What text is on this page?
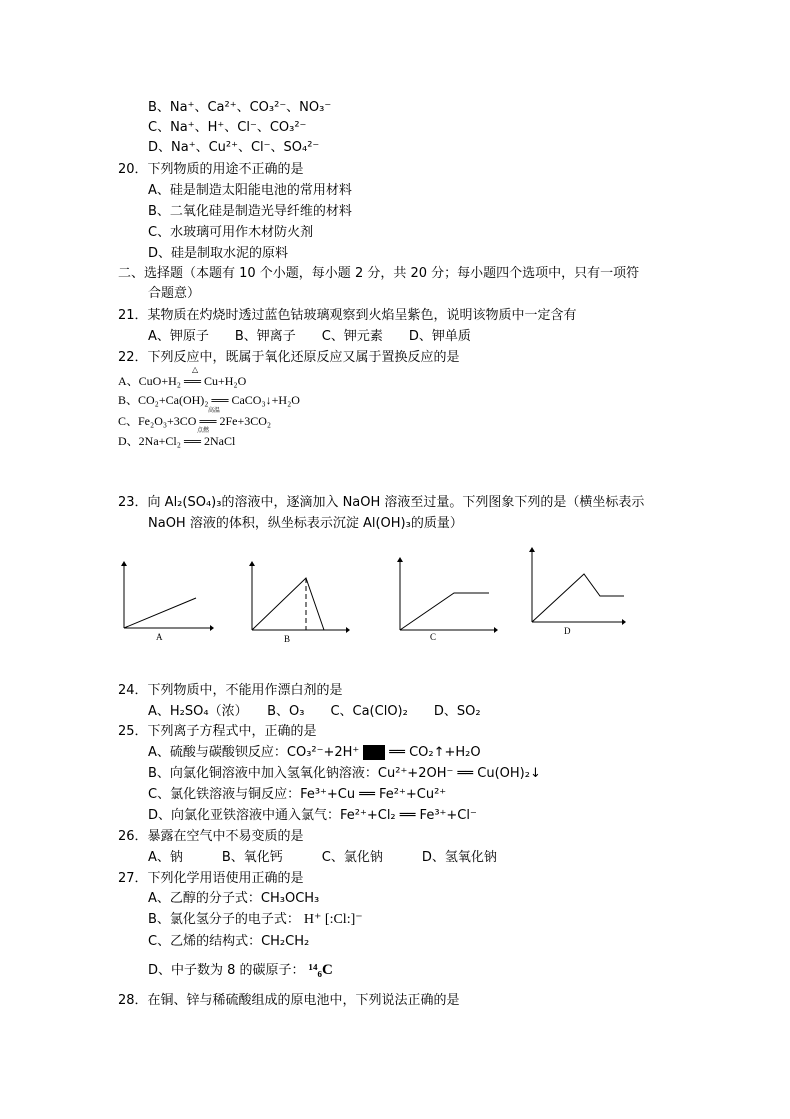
B、Na⁺、Ca²⁺、CO₃²⁻、NO₃⁻
C、Na⁺、H⁺、Cl⁻、CO₃²⁻
D、Na⁺、Cu²⁺、Cl⁻、SO₄²⁻
20．下列物质的用途不正确的是
A、硅是制造太阳能电池的常用材料
B、二氧化硅是制造光导纤维的材料
C、水玻璃可用作木材防火剂
D、硅是制取水泥的原料
二、选择题（本题有 10 个小题，每小题 2 分，共 20 分；每小题四个选项中，只有一项符
合题意）
21．某物质在灼烧时透过蓝色钴玻璃观察到火焰呈紫色，说明该物质中一定含有
A、钾原子　　B、钾离子　　C、钾元素　　D、钾单质
22．下列反应中，既属于氧化还原反应又属于置换反应的是
A、CuO+H₂ ══ Cu+H₂O
△
B、CO₂+Ca(OH)₂ ══ CaCO₃↓+H₂O
C、Fe₂O₃+3CO ══ 2Fe+3CO₂
高温
D、2Na+Cl₂ ══ 2NaCl
点燃
23．向 Al₂(SO₄)₃的溶液中，逐滴加入 NaOH 溶液至过量。下列图象下列的是（横坐标表示
NaOH 溶液的体积，纵坐标表示沉淀 Al(OH)₃的质量）
A	B	C
D
24．下列物质中，不能用作漂白剂的是
A、H₂SO₄（浓）　　B、O₃　　C、Ca(ClO)₂　　D、SO₂
25．下列离子方程式中，正确的是
A、硫酸与碳酸钡反应：CO₃²⁻+2H⁺ ══ CO₂↑+H₂O
B、向氯化铜溶液中加入氢氧化钠溶液：Cu²⁺+2OH⁻ ══ Cu(OH)₂↓
C、氯化铁溶液与铜反应：Fe³⁺+Cu ══ Fe²⁺+Cu²⁺
D、向氯化亚铁溶液中通入氯气：Fe²⁺+Cl₂ ══ Fe³⁺+Cl⁻
26．暴露在空气中不易变质的是
A、钠　　　B、氧化钙　　　C、氯化钠　　　D、氢氧化钠
27．下列化学用语使用正确的是
A、乙醇的分子式：CH₃OCH₃
B、氯化氢分子的电子式： H⁺ [:Cl:]⁻
C、乙烯的结构式：CH₂CH₂
D、中子数为 8 的碳原子： ¹⁴₆C
28．在铜、锌与稀硫酸组成的原电池中，下列说法正确的是
